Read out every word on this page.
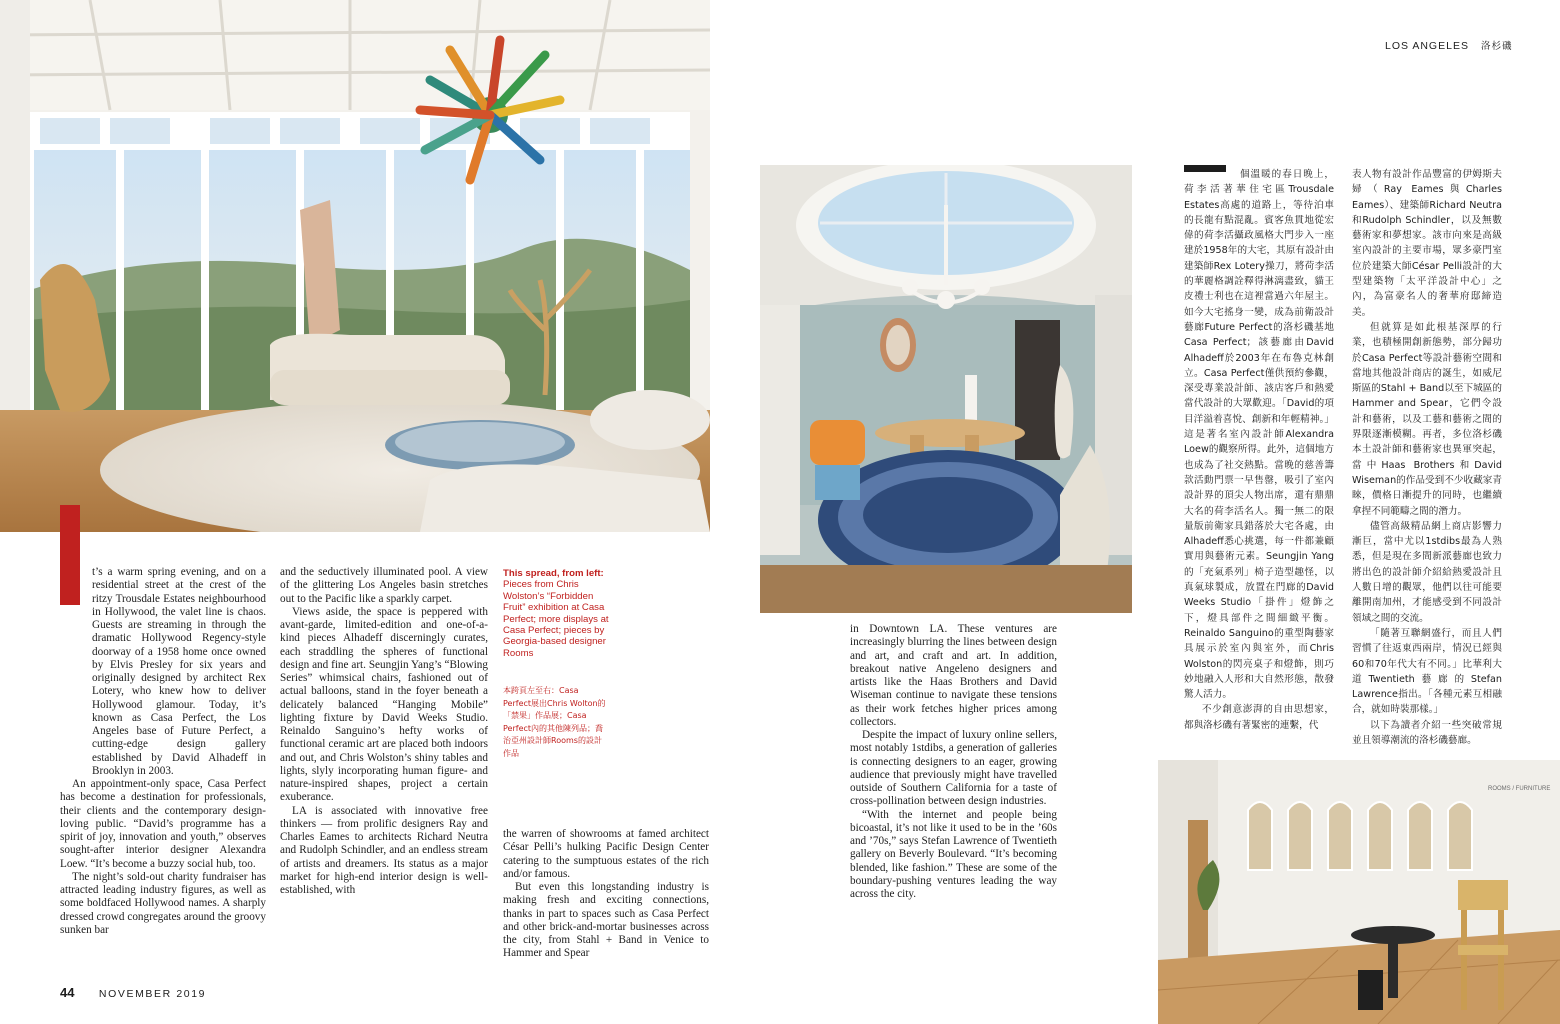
t’s a warm spring evening, and on a residential street at the crest of the ritzy Trousdale Estates neighbourhood in Hollywood, the valet line is chaos. Guests are streaming in through the dramatic Hollywood Regency-style doorway of a 1958 home once owned by Elvis Presley for six years and originally designed by architect Rex Lotery, who knew how to deliver Hollywood glamour. Today, it’s known as Casa Perfect, the Los Angeles base of Future Perfect, a cutting-edge design gallery established by David Alhadeff in Brooklyn in 2003.

An appointment-only space, Casa Perfect has become a destination for professionals, their clients and the contemporary design-loving public. “David’s programme has a spirit of joy, innovation and youth,” observes sought-after interior designer Alexandra Loew. “It’s become a buzzy social hub, too.

The night’s sold-out charity fundraiser has attracted leading industry figures, as well as some boldfaced Hollywood names. A sharply dressed crowd congregates around the groovy sunken bar

and the seductively illuminated pool. A view of the glittering Los Angeles basin stretches out to the Pacific like a sparkly carpet.

Views aside, the space is peppered with avant-garde, limited-edition and one-of-a-kind pieces Alhadeff discerningly curates, each straddling the spheres of functional design and fine art. Seungjin Yang’s “Blowing Series” whimsical chairs, fashioned out of actual balloons, stand in the foyer beneath a delicately balanced “Hanging Mobile” lighting fixture by David Weeks Studio. Reinaldo Sanguino’s hefty works of functional ceramic art are placed both indoors and out, and Chris Wolston’s shiny tables and lights, slyly incorporating human figure- and nature-inspired shapes, project a certain exuberance.

LA is associated with innovative free thinkers — from prolific designers Ray and Charles Eames to architects Richard Neutra and Rudolph Schindler, and an endless stream of artists and dreamers. Its status as a major market for high-end interior design is well-established, with

the warren of showrooms at famed architect César Pelli’s hulking Pacific Design Center catering to the sumptuous estates of the rich and/or famous.

But even this longstanding industry is making fresh and exciting connections, thanks in part to spaces such as Casa Perfect and other brick-and-mortar businesses across the city, from Stahl + Band in Venice to Hammer and Spear

in Downtown LA. These ventures are increasingly blurring the lines between design and art, and craft and art. In addition, breakout native Angeleno designers and artists like the Haas Brothers and David Wiseman continue to navigate these tensions as their work fetches higher prices among collectors.

Despite the impact of luxury online sellers, most notably 1stdibs, a generation of galleries is connecting designers to an eager, growing audience that previously might have travelled outside of Southern California for a taste of cross-pollination between design industries.

“With the internet and people being bicoastal, it’s not like it used to be in the ’60s and ’70s,” says Stefan Lawrence of Twentieth gallery on Beverly Boulevard. “It’s becoming blended, like fashion.” These are some of the boundary-pushing ventures leading the way across the city.

This spread, from left: Pieces from Chris Wolston’s “Forbidden Fruit” exhibition at Casa Perfect; more displays at Casa Perfect; pieces by Georgia-based designer Rooms
本跨頁左至右：Casa Perfect展出Chris Wolton的「禁果」作品展；Casa Perfect內的其他陳列品；喬治亞州設計師Rooms的設計作品
ROOMS / FURNITURE
LOS ANGELES 洛杉磯

個溫暖的春日晚上，荷李活著華住宅區Trousdale Estates高處的道路上，等待泊車的長龍有點混亂。賓客魚貫地從宏偉的荷李活攝政風格大門步入一座建於1958年的大宅，其原有設計由建築師Rex Lotery操刀，將荷李活的華麗格調詮釋得淋漓盡致，貓王皮禮士利也在這裡當過六年屋主。如今大宅搖身一變，成為前衛設計藝廊Future Perfect的洛杉磯基地Casa Perfect；該藝廊由David Alhadeff於2003年在布魯克林創立。Casa Perfect僅供預約參觀，深受專業設計師、該店客戶和熱愛當代設計的大眾歡迎。「David的項目洋溢着喜悅、創新和年輕精神。」這是著名室內設計師Alexandra Loew的觀察所得。此外，這個地方也成為了社交熱點。當晚的慈善籌款活動門票一早售罄，吸引了室內設計界的頂尖人物出席，還有鼎鼎大名的荷李活名人。獨一無二的限量版前衛家具錯落於大宅各處，由Alhadeff悉心挑選，每一件都兼顧實用與藝術元素。Seungjin Yang的「充氣系列」椅子造型趣怪，以真氣球製成，放置在門廊的David Weeks Studio「掛件」燈飾之下，燈具部件之間細緻平衡。Reinaldo Sanguino的重型陶藝家具展示於室內與室外，而Chris Wolston的閃亮桌子和燈飾，則巧妙地融入人形和大自然形態，散發驚人活力。

不少創意澎湃的自由思想家，都與洛杉磯有著緊密的連繫，代

表人物有設計作品豐富的伊姆斯夫婦（Ray Eames與Charles Eames）、建築師Richard Neutra和Rudolph Schindler，以及無數藝術家和夢想家。該市向來是高級室內設計的主要市場，眾多豪門室位於建築大師César Pelli設計的大型建築物「太平洋設計中心」之內，為富豪名人的奢華府邸締造美。

但就算是如此根基深厚的行業，也積極開創新態勢，部分歸功於Casa Perfect等設計藝術空間和當地其他設計商店的誕生，如威尼斯區的Stahl + Band以至下城區的Hammer and Spear，它們令設計和藝術，以及工藝和藝術之間的界限逐漸模糊。再者，多位洛杉磯本土設計師和藝術家也異軍突起，當中Haas Brothers和David Wiseman的作品受到不少收藏家青睞，價格日漸提升的同時，也繼續拿捏不同範疇之間的潛力。

儘管高級精品網上商店影響力漸巨，當中尤以1stdibs最為人熟悉，但是現在多間新派藝廊也致力將出色的設計師介紹給熱愛設計且人數日增的觀眾，他們以往可能要離開南加州，才能感受到不同設計領域之間的交流。

「隨著互聯網盛行，而且人們習慣了往返東西兩岸，情況已經與60和70年代大有不同。」比華利大道Twentieth藝廊的Stefan Lawrence指出。「各種元素互相融合，就如時裝那樣。」

以下為讀者介紹一些突破常規並且領導潮流的洛杉磯藝廊。

44 NOVEMBER 2019
